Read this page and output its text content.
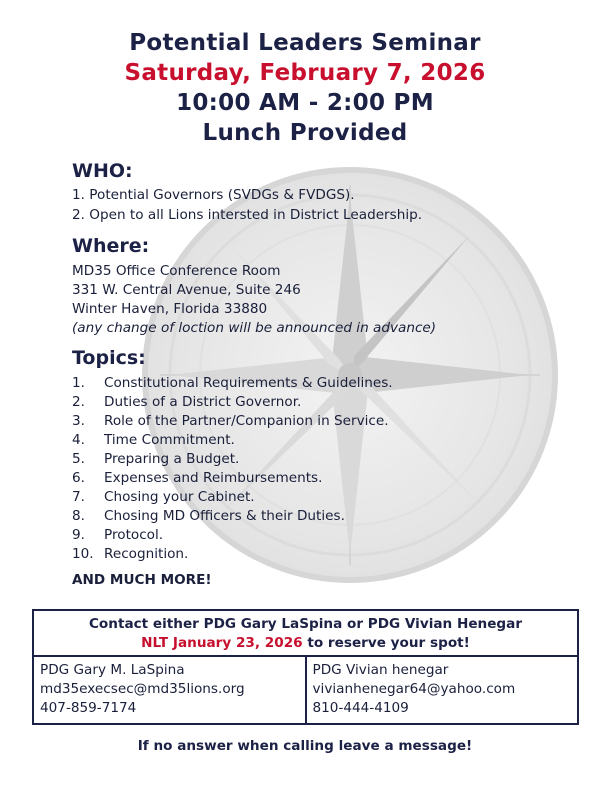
Potential Leaders Seminar
Saturday, February 7, 2026
10:00 AM - 2:00 PM
Lunch Provided
WHO:
1. Potential Governors (SVDGs & FVDGS).
2. Open to all Lions intersted in District Leadership.
Where:
MD35 Office Conference Room
331 W. Central Avenue, Suite 246
Winter Haven, Florida 33880
(any change of loction will be announced in advance)
Topics:
1. Constitutional Requirements & Guidelines.
2. Duties of a District Governor.
3. Role of the Partner/Companion in Service.
4. Time Commitment.
5. Preparing a Budget.
6. Expenses and Reimbursements.
7. Chosing your Cabinet.
8. Chosing MD Officers & their Duties.
9. Protocol.
10. Recognition.
AND MUCH MORE!
Contact either PDG Gary LaSpina or PDG Vivian Henegar
NLT January 23, 2026 to reserve your spot!
PDG Gary M. LaSpina
md35execsec@md35lions.org
407-859-7174
PDG Vivian henegar
vivianhenegar64@yahoo.com
810-444-4109
If no answer when calling leave a message!
